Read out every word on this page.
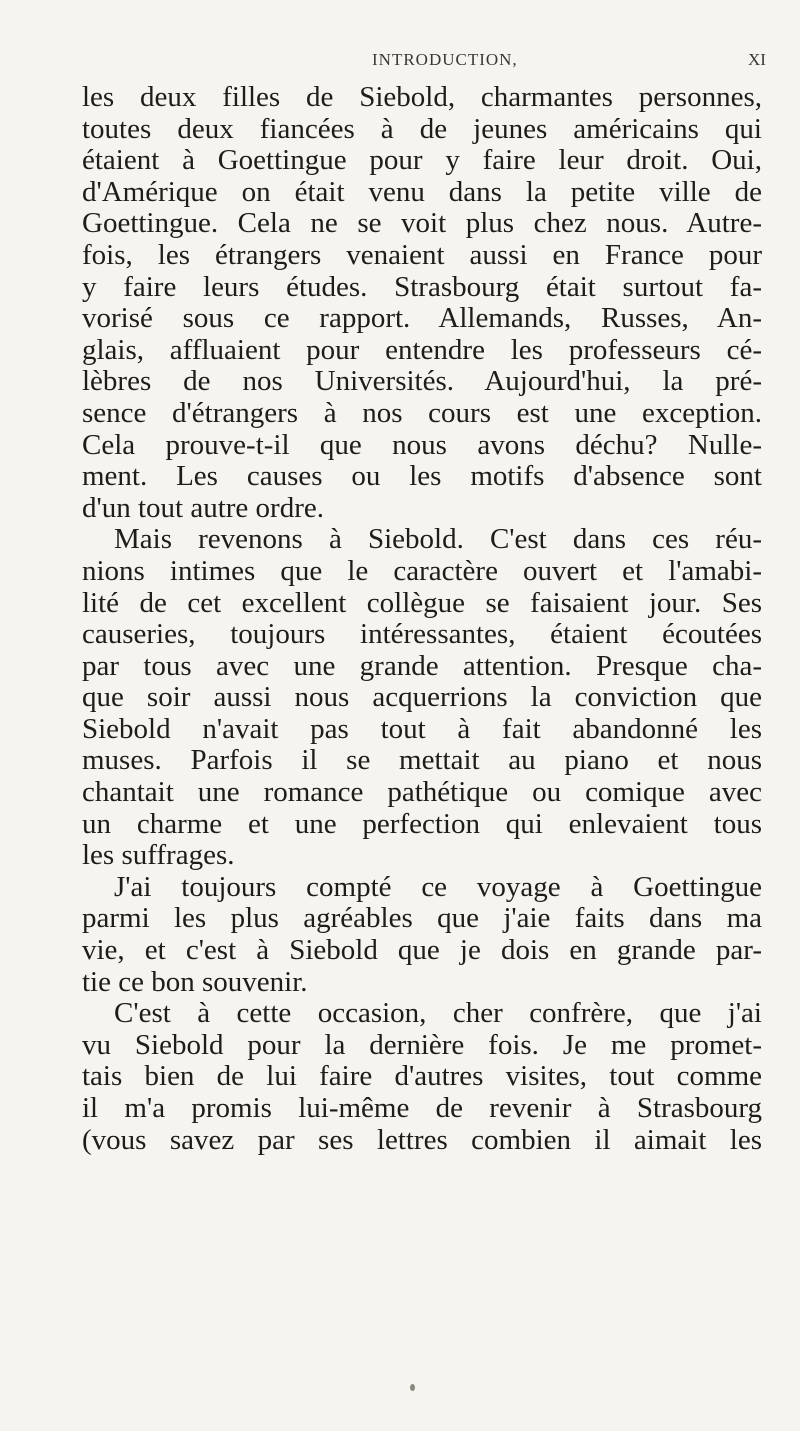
INTRODUCTION,	XI
les deux filles de Siebold, charmantes personnes,
toutes deux fiancées à de jeunes américains qui
étaient à Goettingue pour y faire leur droit. Oui,
d'Amérique on était venu dans la petite ville de
Goettingue. Cela ne se voit plus chez nous. Autre-
fois, les étrangers venaient aussi en France pour
y faire leurs études. Strasbourg était surtout fa-
vorisé sous ce rapport. Allemands, Russes, An-
glais, affluaient pour entendre les professeurs cé-
lèbres de nos Universités. Aujourd'hui, la pré-
sence d'étrangers à nos cours est une exception.
Cela prouve-t-il que nous avons déchu? Nulle-
ment. Les causes ou les motifs d'absence sont
d'un tout autre ordre.
Mais revenons à Siebold. C'est dans ces réu-
nions intimes que le caractère ouvert et l'amabi-
lité de cet excellent collègue se faisaient jour. Ses
causeries, toujours intéressantes, étaient écoutées
par tous avec une grande attention. Presque cha-
que soir aussi nous acquerrions la conviction que
Siebold n'avait pas tout à fait abandonné les
muses. Parfois il se mettait au piano et nous
chantait une romance pathétique ou comique avec
un charme et une perfection qui enlevaient tous
les suffrages.
J'ai toujours compté ce voyage à Goettingue
parmi les plus agréables que j'aie faits dans ma
vie, et c'est à Siebold que je dois en grande par-
tie ce bon souvenir.
C'est à cette occasion, cher confrère, que j'ai
vu Siebold pour la dernière fois. Je me promet-
tais bien de lui faire d'autres visites, tout comme
il m'a promis lui-même de revenir à Strasbourg
(vous savez par ses lettres combien il aimait les
